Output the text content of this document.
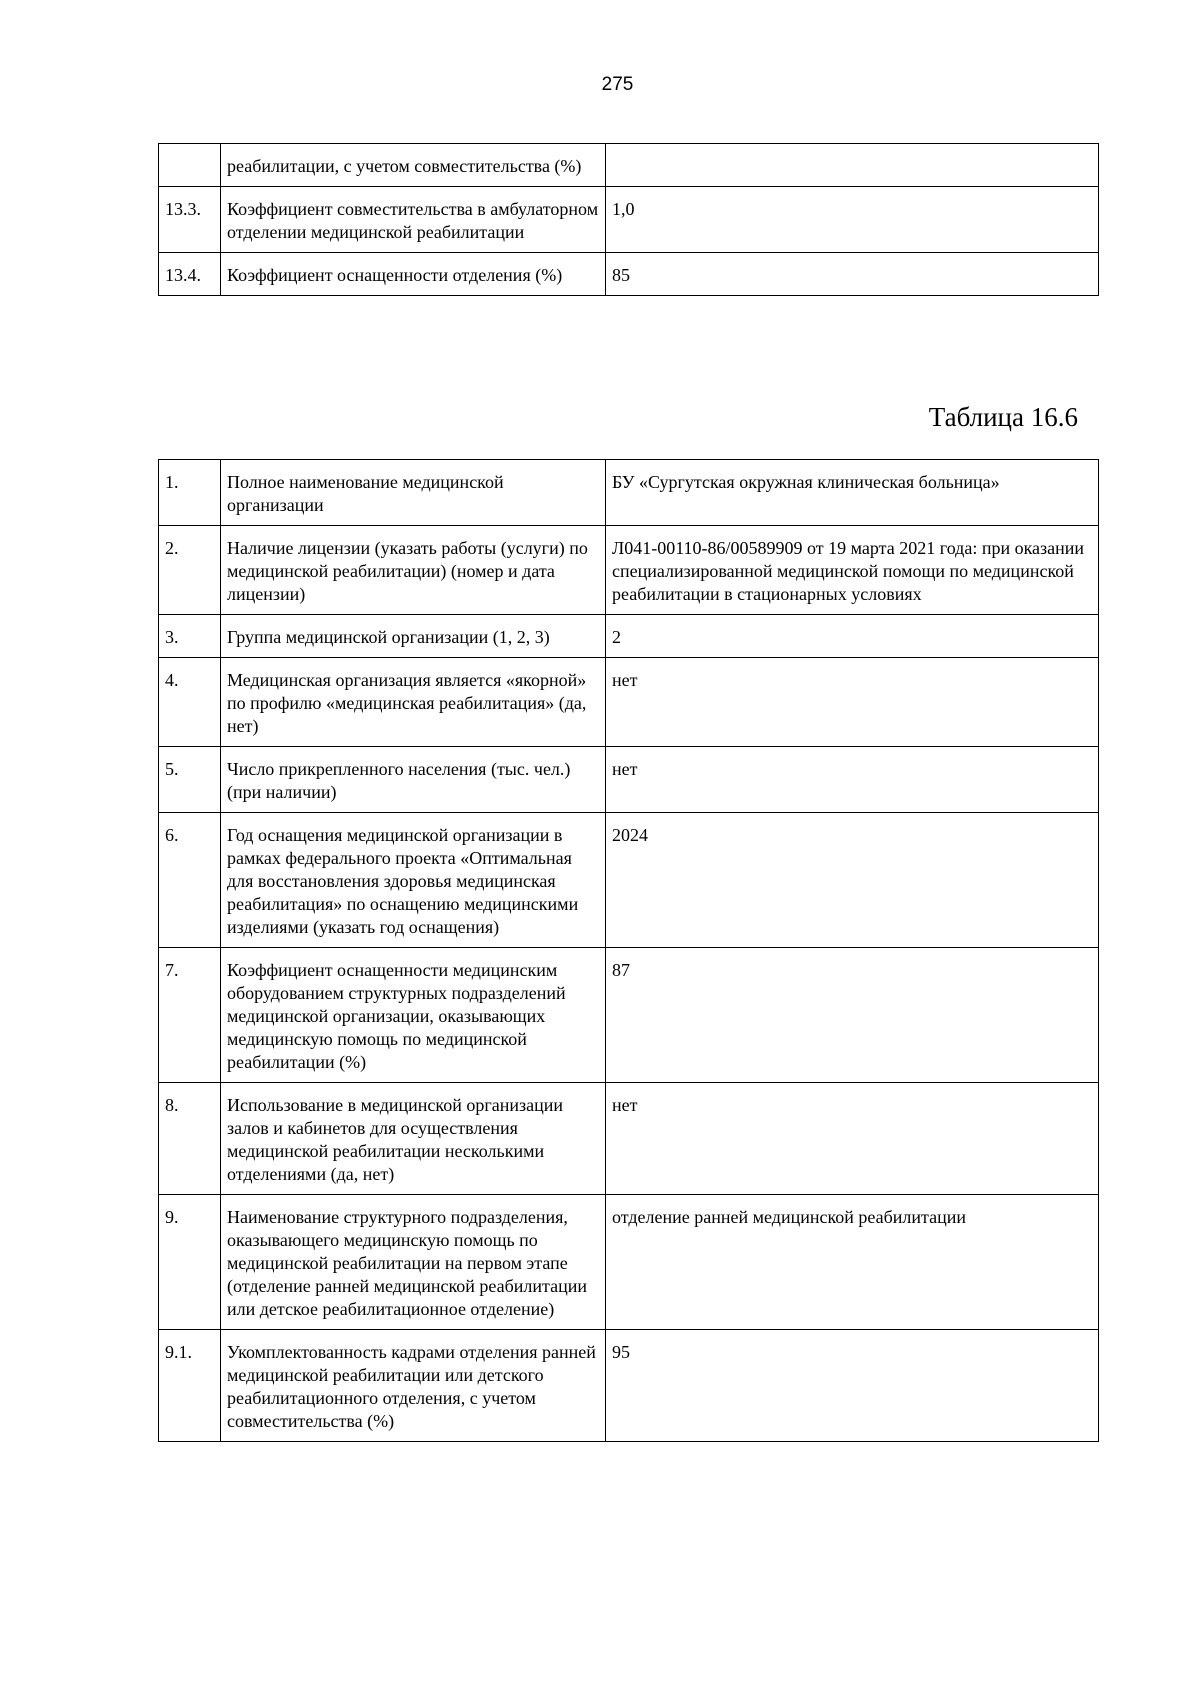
275
	реабилитации, с учетом совместительства (%)	
13.3.	Коэффициент совместительства в амбулаторном отделении медицинской реабилитации	1,0
13.4.	Коэффициент оснащенности отделения (%)	85
Таблица 16.6
1.	Полное наименование медицинской организации	БУ «Сургутская окружная клиническая больница»
2.	Наличие лицензии (указать работы (услуги) по медицинской реабилитации) (номер и дата лицензии)	Л041-00110-86/00589909 от 19 марта 2021 года: при оказании специализированной медицинской помощи по медицинской реабилитации в стационарных условиях
3.	Группа медицинской организации (1, 2, 3)	2
4.	Медицинская организация является «якорной» по профилю «медицинская реабилитация» (да, нет)	нет
5.	Число прикрепленного населения (тыс. чел.) (при наличии)	нет
6.	Год оснащения медицинской организации в рамках федерального проекта «Оптимальная для восстановления здоровья медицинская реабилитация» по оснащению медицинскими изделиями (указать год оснащения)	2024
7.	Коэффициент оснащенности медицинским оборудованием структурных подразделений медицинской организации, оказывающих медицинскую помощь по медицинской реабилитации (%)	87
8.	Использование в медицинской организации залов и кабинетов для осуществления медицинской реабилитации несколькими отделениями (да, нет)	нет
9.	Наименование структурного подразделения, оказывающего медицинскую помощь по медицинской реабилитации на первом этапе (отделение ранней медицинской реабилитации или детское реабилитационное отделение)	отделение ранней медицинской реабилитации
9.1.	Укомплектованность кадрами отделения ранней медицинской реабилитации или детского реабилитационного отделения, с учетом совместительства (%)	95
